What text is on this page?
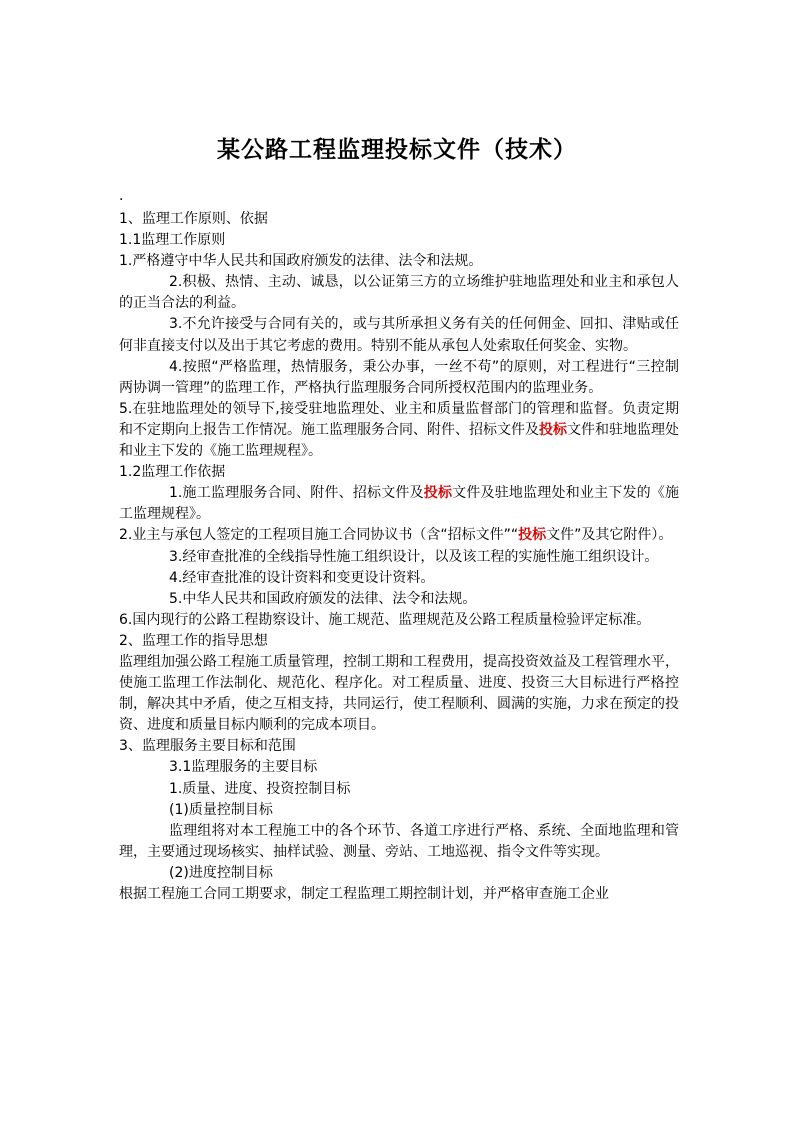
某公路工程监理投标文件（技术）
.

1、监理工作原则、依据

1.1监理工作原则

1.严格遵守中华人民共和国政府颁发的法律、法令和法规。

2.积极、热情、主动、诚恳，以公证第三方的立场维护驻地监理处和业主和承包人的正当合法的利益。

3.不允许接受与合同有关的，或与其所承担义务有关的任何佣金、回扣、津贴或任何非直接支付以及出于其它考虑的费用。特别不能从承包人处索取任何奖金、实物。

4.按照“严格监理，热情服务，秉公办事，一丝不苟”的原则，对工程进行“三控制两协调一管理”的监理工作，严格执行监理服务合同所授权范围内的监理业务。

5.在驻地监理处的领导下,接受驻地监理处、业主和质量监督部门的管理和监督。负责定期和不定期向上报告工作情况。施工监理服务合同、附件、招标文件及投标文件和驻地监理处和业主下发的《施工监理规程》。

1.2监理工作依据

1.施工监理服务合同、附件、招标文件及投标文件及驻地监理处和业主下发的《施工监理规程》。

2.业主与承包人签定的工程项目施工合同协议书（含“招标文件”“投标文件”及其它附件）。

3.经审查批准的全线指导性施工组织设计，以及该工程的实施性施工组织设计。

4.经审查批准的设计资料和变更设计资料。

5.中华人民共和国政府颁发的法律、法令和法规。

6.国内现行的公路工程勘察设计、施工规范、监理规范及公路工程质量检验评定标准。

2、监理工作的指导思想

监理组加强公路工程施工质量管理，控制工期和工程费用，提高投资效益及工程管理水平，使施工监理工作法制化、规范化、程序化。对工程质量、进度、投资三大目标进行严格控制，解决其中矛盾，使之互相支持，共同运行，使工程顺利、圆满的实施，力求在预定的投资、进度和质量目标内顺利的完成本项目。

3、监理服务主要目标和范围

3.1监理服务的主要目标

1.质量、进度、投资控制目标

(1)质量控制目标

监理组将对本工程施工中的各个环节、各道工序进行严格、系统、全面地监理和管理，主要通过现场核实、抽样试验、测量、旁站、工地巡视、指令文件等实现。

(2)进度控制目标

根据工程施工合同工期要求，制定工程监理工期控制计划，并严格审查施工企业
